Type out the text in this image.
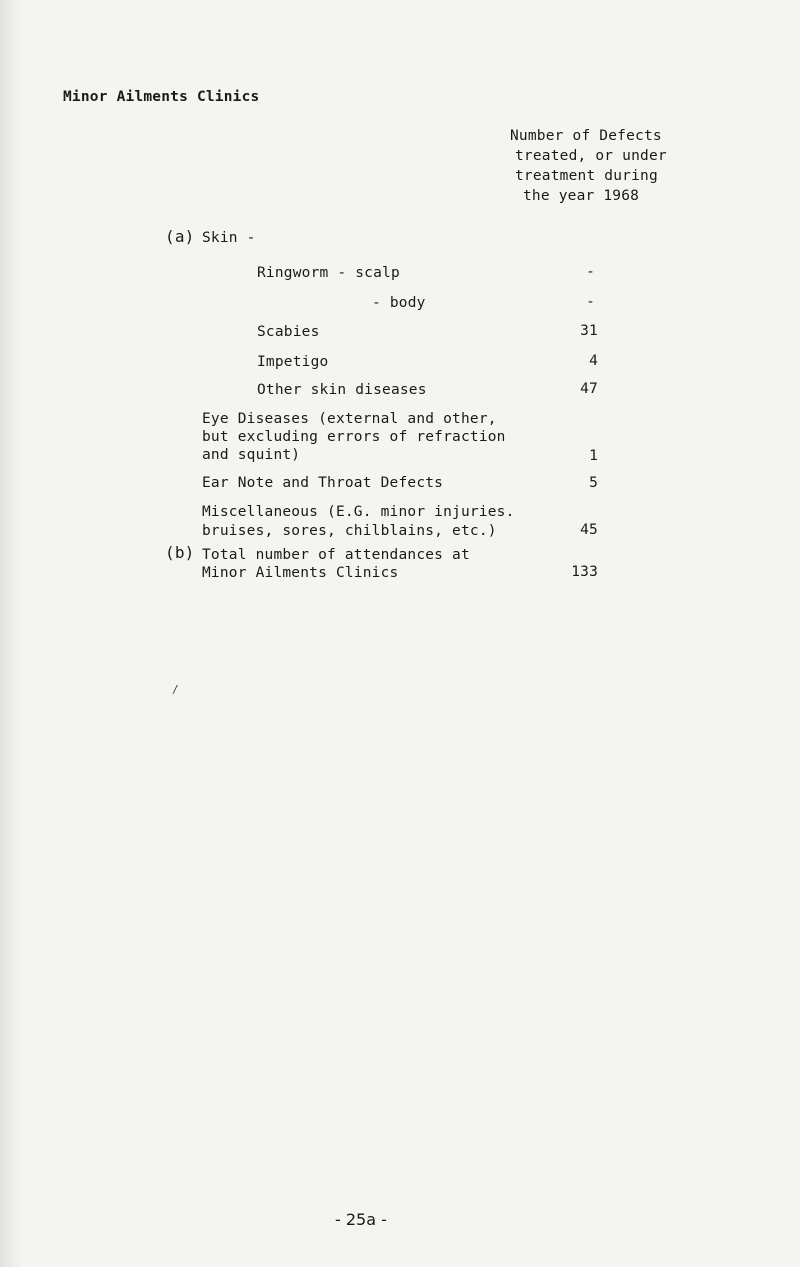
Minor Ailments Clinics
Number of Defects
treated, or under
treatment during
the year 1968
(a) Skin -
Ringworm - scalp	-
- body	-
Scabies	31
Impetigo	4
Other skin diseases	47
Eye Diseases (external and other,
but excluding errors of refraction
and squint)	1
Ear Note and Throat Defects	5
Miscellaneous (E.G. minor injuries.
bruises, sores, chilblains, etc.)	45
(b) Total number of attendances at
Minor Ailments Clinics	133
/
- 25a -
